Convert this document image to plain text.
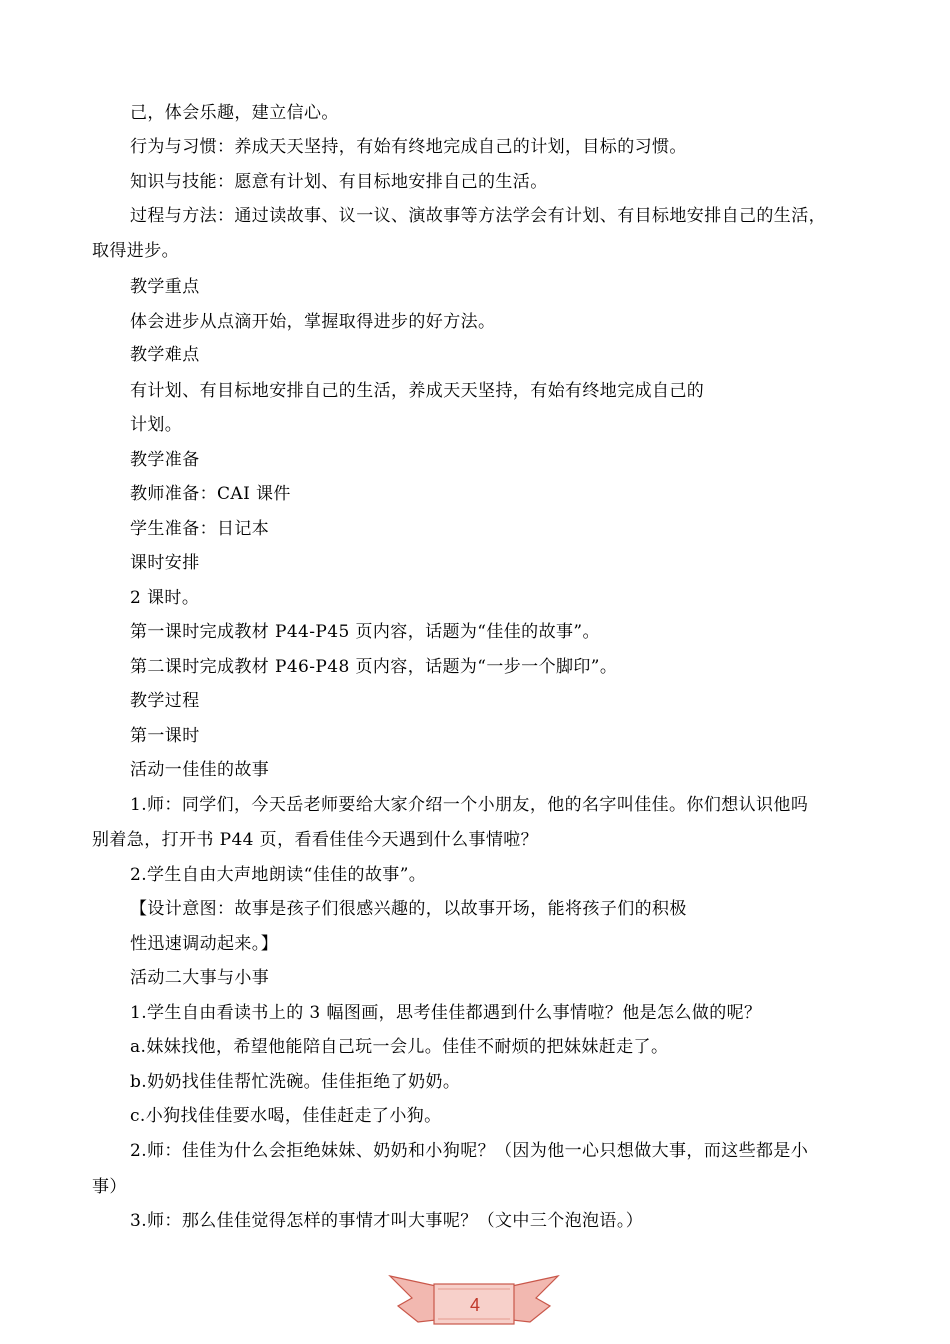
己，体会乐趣，建立信心。
行为与习惯：养成天天坚持，有始有终地完成自己的计划，目标的习惯。
知识与技能：愿意有计划、有目标地安排自己的生活。
过程与方法：通过读故事、议一议、演故事等方法学会有计划、有目标地安排自己的生活，
取得进步。
教学重点
体会进步从点滴开始，掌握取得进步的好方法。
教学难点
有计划、有目标地安排自己的生活，养成天天坚持，有始有终地完成自己的
计划。
教学准备
教师准备：CAI 课件
学生准备：日记本
课时安排
2 课时。
第一课时完成教材 P44-P45 页内容，话题为“佳佳的故事”。
第二课时完成教材 P46-P48 页内容，话题为“一步一个脚印”。
教学过程
第一课时
活动一佳佳的故事
1.师：同学们，今天岳老师要给大家介绍一个小朋友，他的名字叫佳佳。你们想认识他吗
别着急，打开书 P44 页，看看佳佳今天遇到什么事情啦？
2.学生自由大声地朗读“佳佳的故事”。
【设计意图：故事是孩子们很感兴趣的，以故事开场，能将孩子们的积极
性迅速调动起来。】
活动二大事与小事
1.学生自由看读书上的 3 幅图画，思考佳佳都遇到什么事情啦？他是怎么做的呢？
a.妹妹找他，希望他能陪自己玩一会儿。佳佳不耐烦的把妹妹赶走了。
b.奶奶找佳佳帮忙洗碗。佳佳拒绝了奶奶。
c.小狗找佳佳要水喝，佳佳赶走了小狗。
2.师：佳佳为什么会拒绝妹妹、奶奶和小狗呢？（因为他一心只想做大事，而这些都是小
事）
3.师：那么佳佳觉得怎样的事情才叫大事呢？（文中三个泡泡语。）
4
